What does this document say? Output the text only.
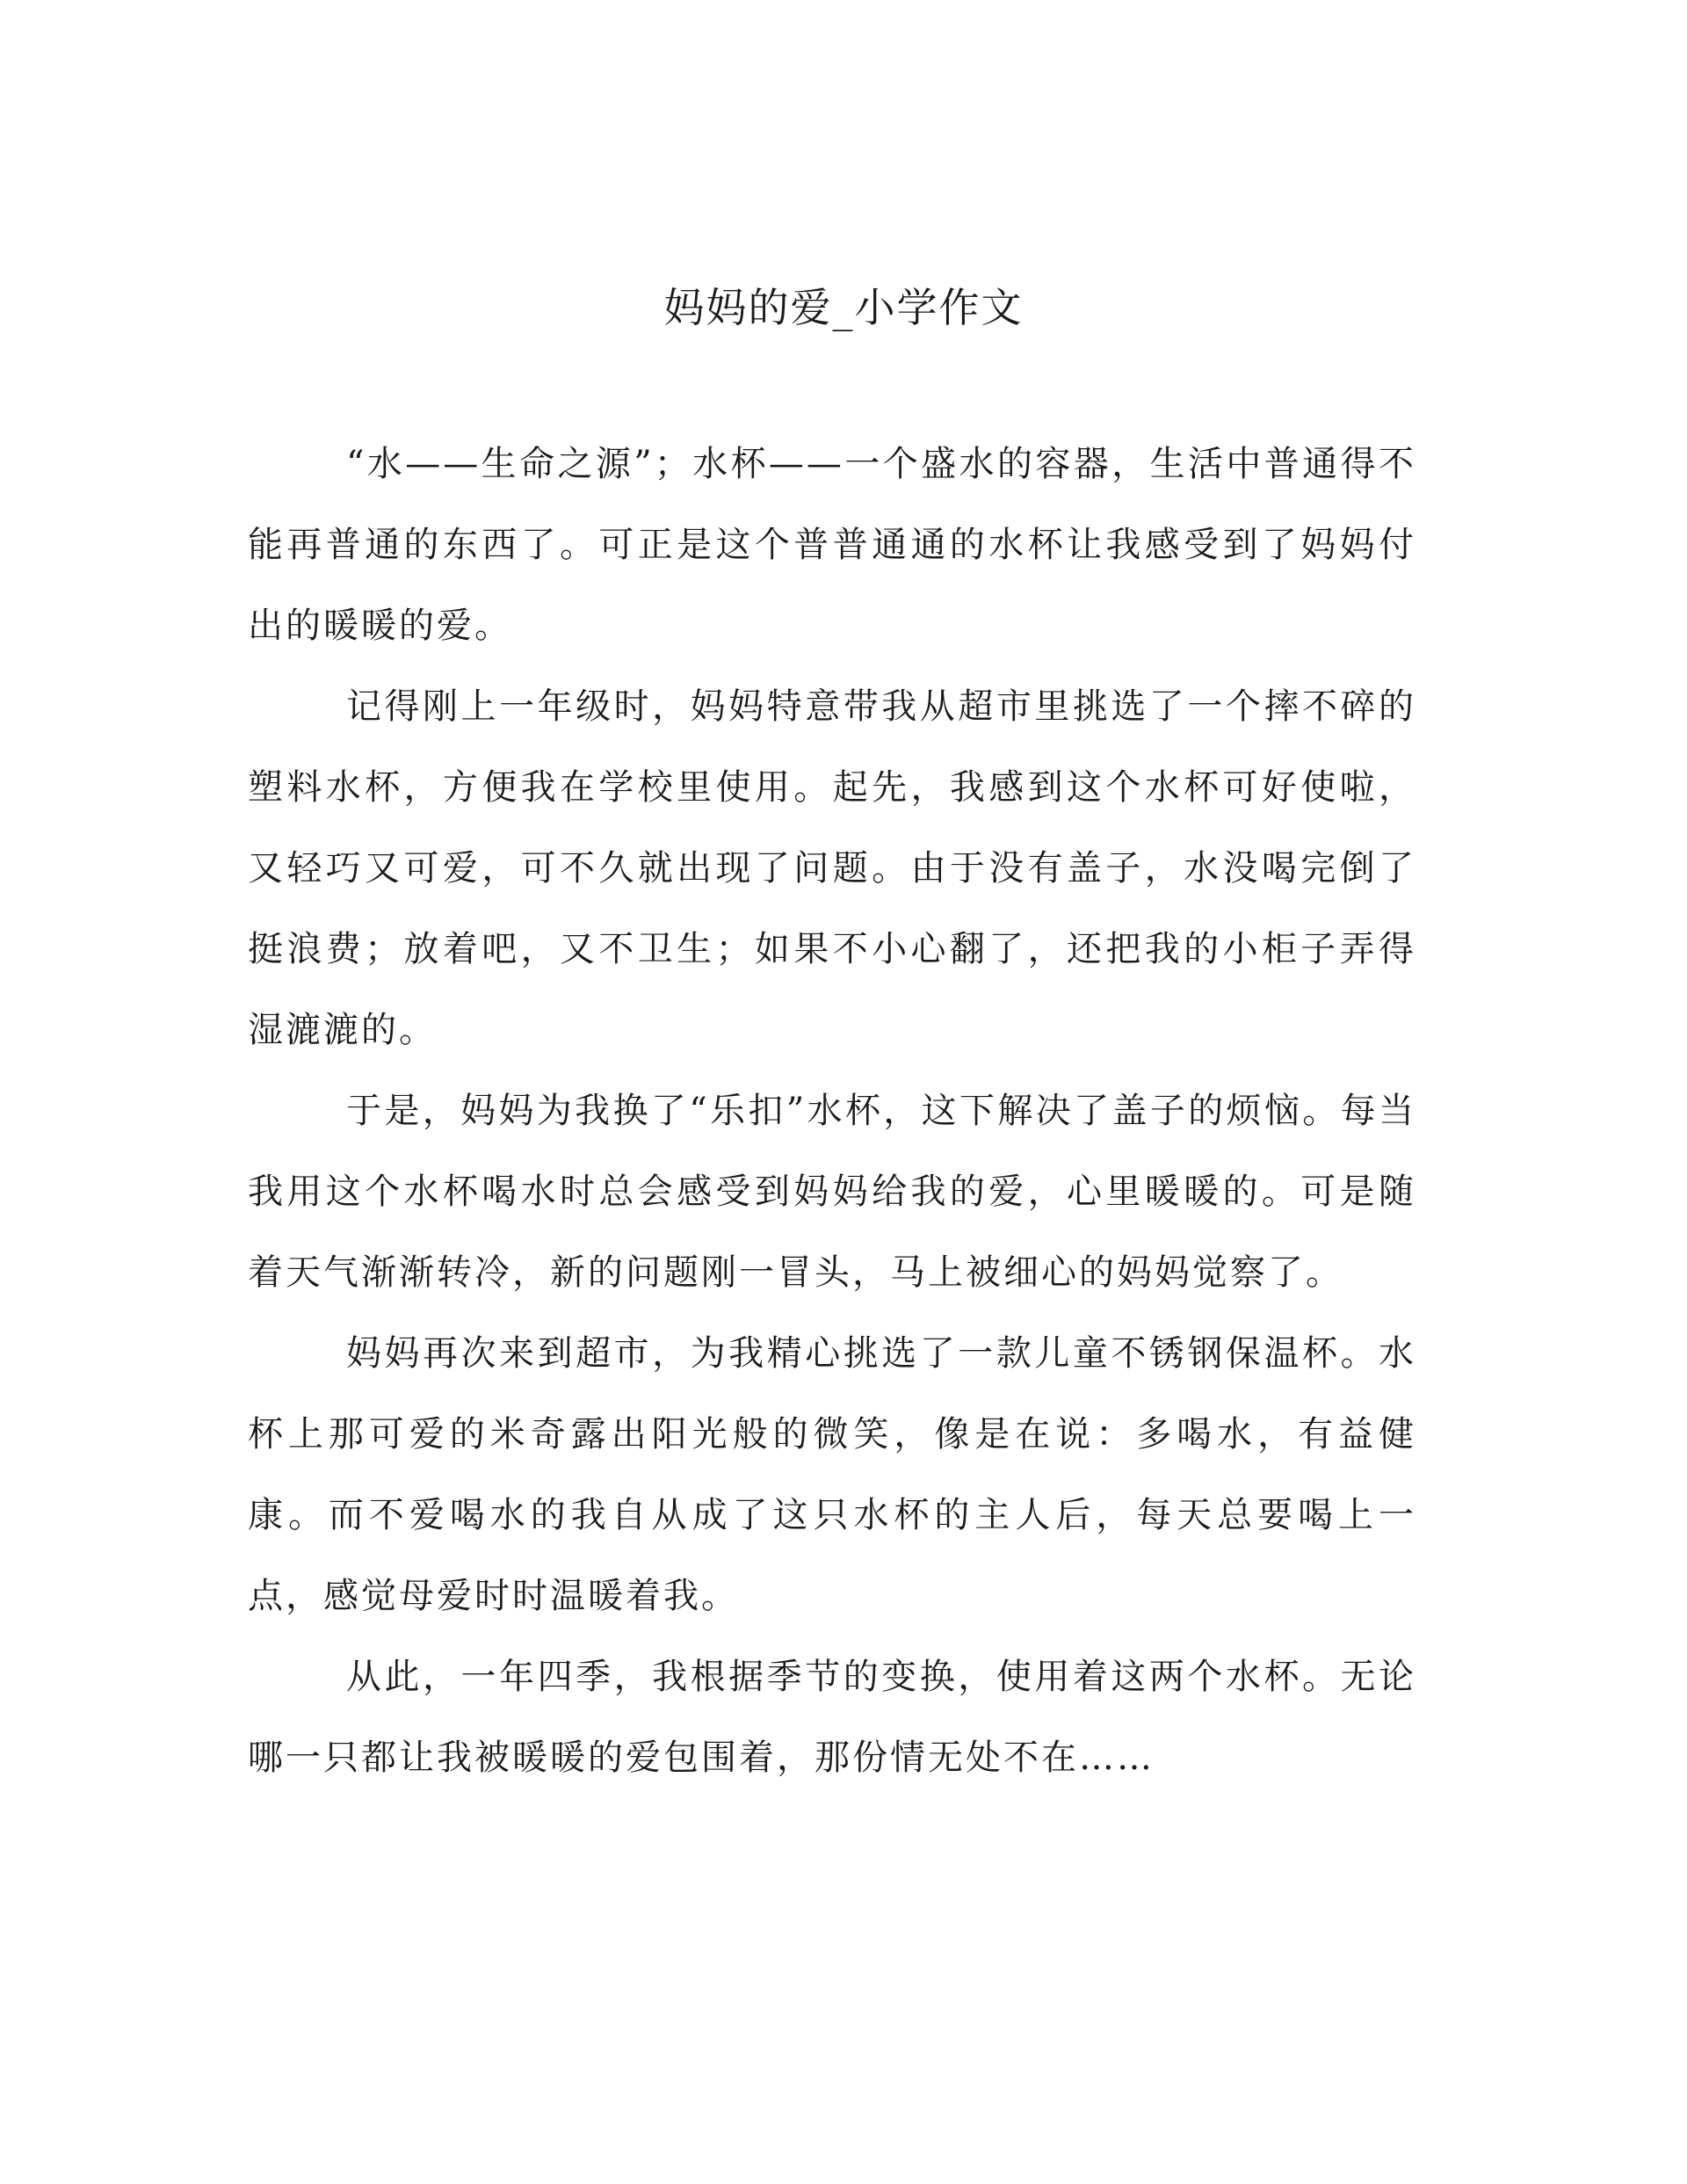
妈妈的爱_小学作文

“水——生命之源”；水杯——一个盛水的容器，生活中普通得不能再普通的东西了。可正是这个普普通通的水杯让我感受到了妈妈付出的暖暖的爱。

记得刚上一年级时，妈妈特意带我从超市里挑选了一个摔不碎的塑料水杯，方便我在学校里使用。起先，我感到这个水杯可好使啦，又轻巧又可爱，可不久就出现了问题。由于没有盖子，水没喝完倒了挺浪费；放着吧，又不卫生；如果不小心翻了，还把我的小柜子弄得湿漉漉的。

于是，妈妈为我换了“乐扣”水杯，这下解决了盖子的烦恼。每当我用这个水杯喝水时总会感受到妈妈给我的爱，心里暖暖的。可是随着天气渐渐转冷，新的问题刚一冒头，马上被细心的妈妈觉察了。

妈妈再次来到超市，为我精心挑选了一款儿童不锈钢保温杯。水杯上那可爱的米奇露出阳光般的微笑，像是在说：多喝水，有益健康。而不爱喝水的我自从成了这只水杯的主人后，每天总要喝上一点，感觉母爱时时温暖着我。

从此，一年四季，我根据季节的变换，使用着这两个水杯。无论哪一只都让我被暖暖的爱包围着，那份情无处不在……
